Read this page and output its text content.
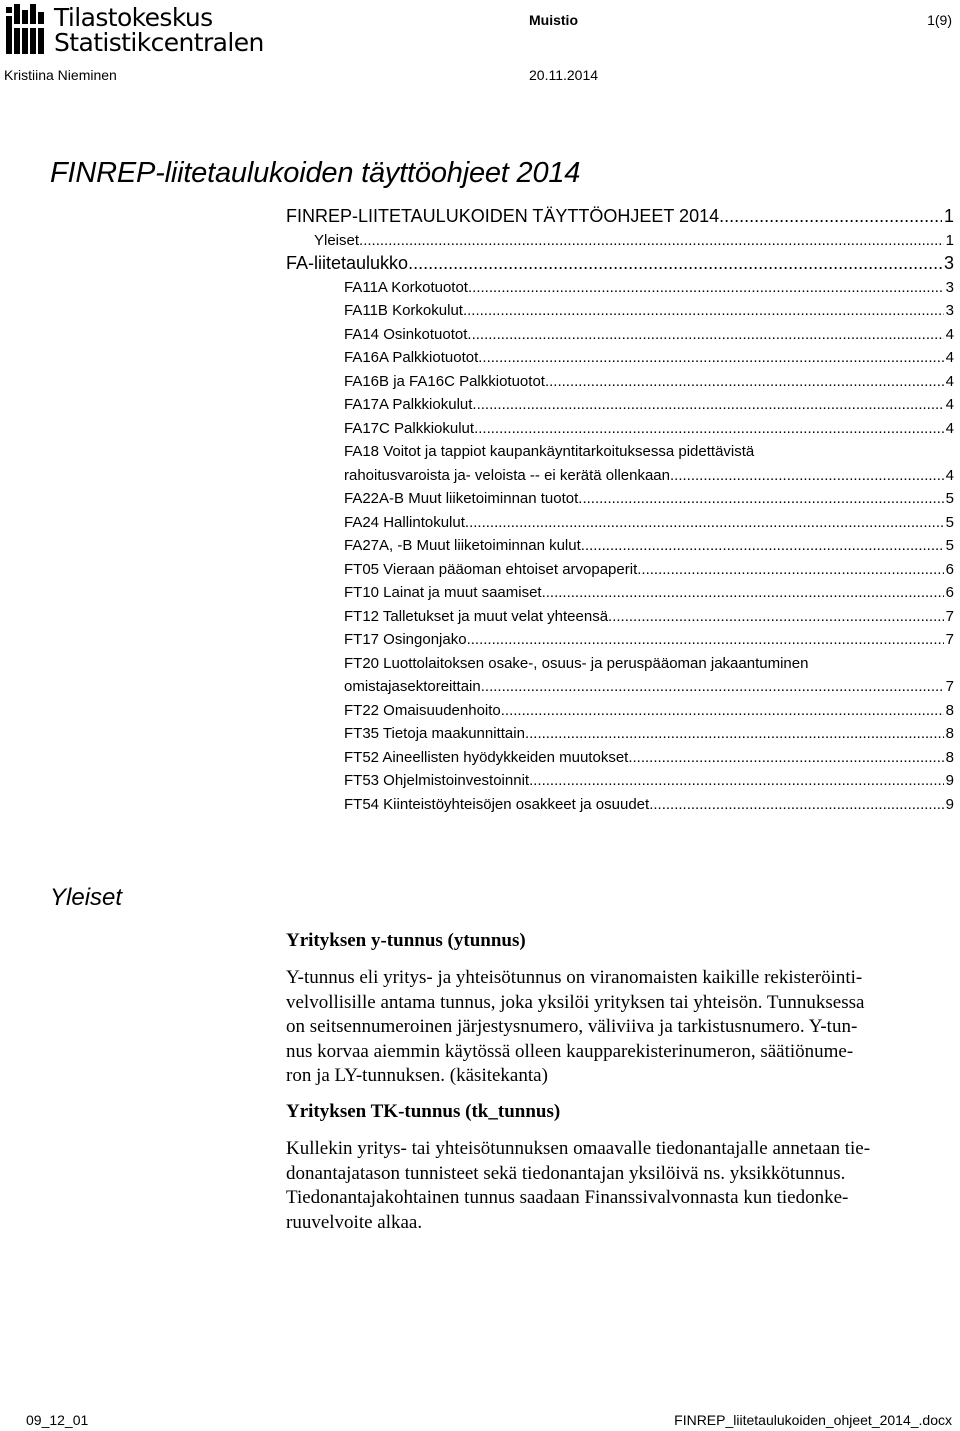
Tilastokeskus
Statistikcentralen
Muistio	1(9)
Kristiina Nieminen	20.11.2014
FINREP-liitetaulukoiden täyttöohjeet 2014
FINREP-LIITETAULUKOIDEN TÄYTTÖOHJEET 2014 .....	1
Yleiset .....	1
FA-liitetaulukko .....	3
FA11A Korkotuotot .....	3
FA11B Korkokulut .....	3
FA14 Osinkotuotot .....	4
FA16A Palkkiotuotot .....	4
FA16B ja FA16C Palkkiotuotot .....	4
FA17A Palkkiokulut .....	4
FA17C Palkkiokulut .....	4
FA18 Voitot ja tappiot kaupankäyntitarkoituksessa pidettävistä
rahoitusvaroista ja- veloista -- ei kerätä ollenkaan .....	4
FA22A-B Muut liiketoiminnan tuotot .....	5
FA24 Hallintokulut .....	5
FA27A, -B Muut liiketoiminnan kulut .....	5
FT05 Vieraan pääoman ehtoiset arvopaperit .....	6
FT10 Lainat ja muut saamiset .....	6
FT12 Talletukset ja muut velat yhteensä .....	7
FT17 Osingonjako .....	7
FT20 Luottolaitoksen osake-, osuus- ja peruspääoman jakaantuminen
omistajasektoreittain .....	7
FT22 Omaisuudenhoito .....	8
FT35 Tietoja maakunnittain .....	8
FT52 Aineellisten hyödykkeiden muutokset .....	8
FT53 Ohjelmistoinvestoinnit .....	9
FT54 Kiinteistöyhteisöjen osakkeet ja osuudet .....	9
Yleiset
Yrityksen y-tunnus (ytunnus)
Y-tunnus eli yritys- ja yhteisötunnus on viranomaisten kaikille rekisteröinti-
velvollisille antama tunnus, joka yksilöi yrityksen tai yhteisön. Tunnuksessa
on seitsennumeroinen järjestysnumero, väliviiva ja tarkistusnumero. Y-tun-
nus korvaa aiemmin käytössä olleen kaupparekisterinumeron, säätiönume-
ron ja LY-tunnuksen. (käsitekanta)
Yrityksen TK-tunnus (tk_tunnus)
Kullekin yritys- tai yhteisötunnuksen omaavalle tiedonantajalle annetaan tie-
donantajatason tunnisteet sekä tiedonantajan yksilöivä ns. yksikkötunnus.
Tiedonantajakohtainen tunnus saadaan Finanssivalvonnasta kun tiedonke-
ruuvelvoite alkaa.
09_12_01	FINREP_liitetaulukoiden_ohjeet_2014_.docx
